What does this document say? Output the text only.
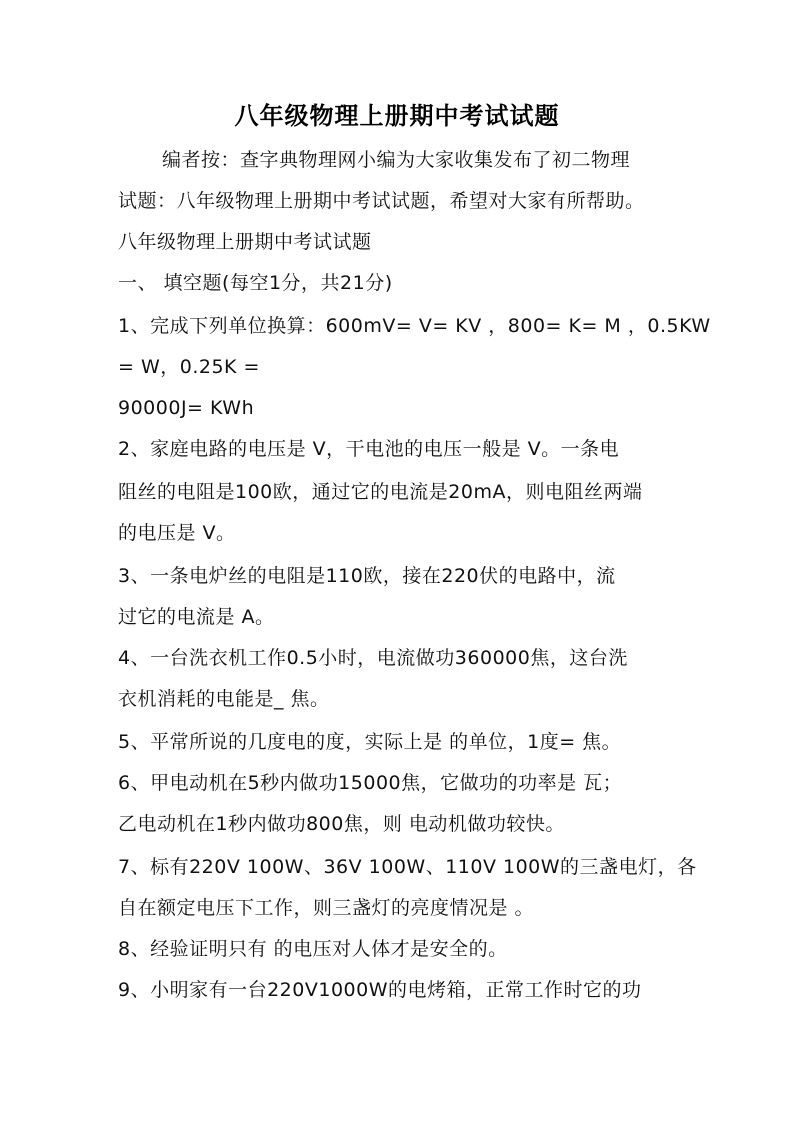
八年级物理上册期中考试试题
编者按：查字典物理网小编为大家收集发布了初二物理
试题：八年级物理上册期中考试试题，希望对大家有所帮助。
八年级物理上册期中考试试题
一、 填空题(每空1分，共21分)
1、完成下列单位换算：600mV= V= KV ，800= K= M ，0.5KW
= W，0.25K =
90000J= KWh
2、家庭电路的电压是 V，干电池的电压一般是 V。一条电
阻丝的电阻是100欧，通过它的电流是20mA，则电阻丝两端
的电压是 V。
3、一条电炉丝的电阻是110欧，接在220伏的电路中，流
过它的电流是 A。
4、一台洗衣机工作0.5小时，电流做功360000焦，这台洗
衣机消耗的电能是_ 焦。
5、平常所说的几度电的度，实际上是 的单位，1度= 焦。
6、甲电动机在5秒内做功15000焦，它做功的功率是 瓦；
乙电动机在1秒内做功800焦，则 电动机做功较快。
7、标有220V 100W、36V 100W、110V 100W的三盏电灯，各
自在额定电压下工作，则三盏灯的亮度情况是 。
8、经验证明只有 的电压对人体才是安全的。
9、小明家有一台220V1000W的电烤箱，正常工作时它的功
